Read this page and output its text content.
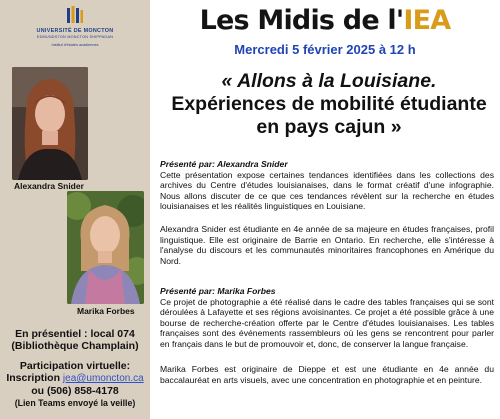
UNIVERSITÉ DE MONCTON
EDMUNDSTON MONCTON SHIPPAGAN
Institut d'études acadiennes
Alexandra Snider
Marika Forbes
En présentiel : local 074
(Bibliothèque Champlain)
Participation virtuelle:
Inscription jea@umoncton.ca
ou (506) 858-4178
(Lien Teams envoyé la veille)
Les Midis de l'IEA
Mercredi 5 février 2025 à 12 h
« Allons à la Louisiane.
Expériences de mobilité étudiante en pays cajun »
Présenté par: Alexandra Snider
Cette présentation expose certaines tendances identifiées dans les collections des archives du Centre d'études louisianaises, dans le format créatif d'une infographie. Nous allons discuter de ce que ces tendances révèlent sur la recherche en études louisianaises et les réalités linguistiques en Louisiane.
Alexandra Snider est étudiante en 4e année de sa majeure en études françaises, profil linguistique. Elle est originaire de Barrie en Ontario. En recherche, elle s'intéresse à l'analyse du discours et les communautés minoritaires francophones en Amérique du Nord.
Présenté par: Marika Forbes
Ce projet de photographie a été réalisé dans le cadre des tables françaises qui se sont déroulées à Lafayette et ses régions avoisinantes. Ce projet a été possible grâce à une bourse de recherche-création offerte par le Centre d'études louisianaises. Les tables françaises sont des événements rassembleurs où les gens se rencontrent pour parler en français dans le but de promouvoir et, donc, de conserver la langue française.
Marika Forbes est originaire de Dieppe et est une étudiante en 4e année du baccalauréat en arts visuels, avec une concentration en photographie et en peinture.
